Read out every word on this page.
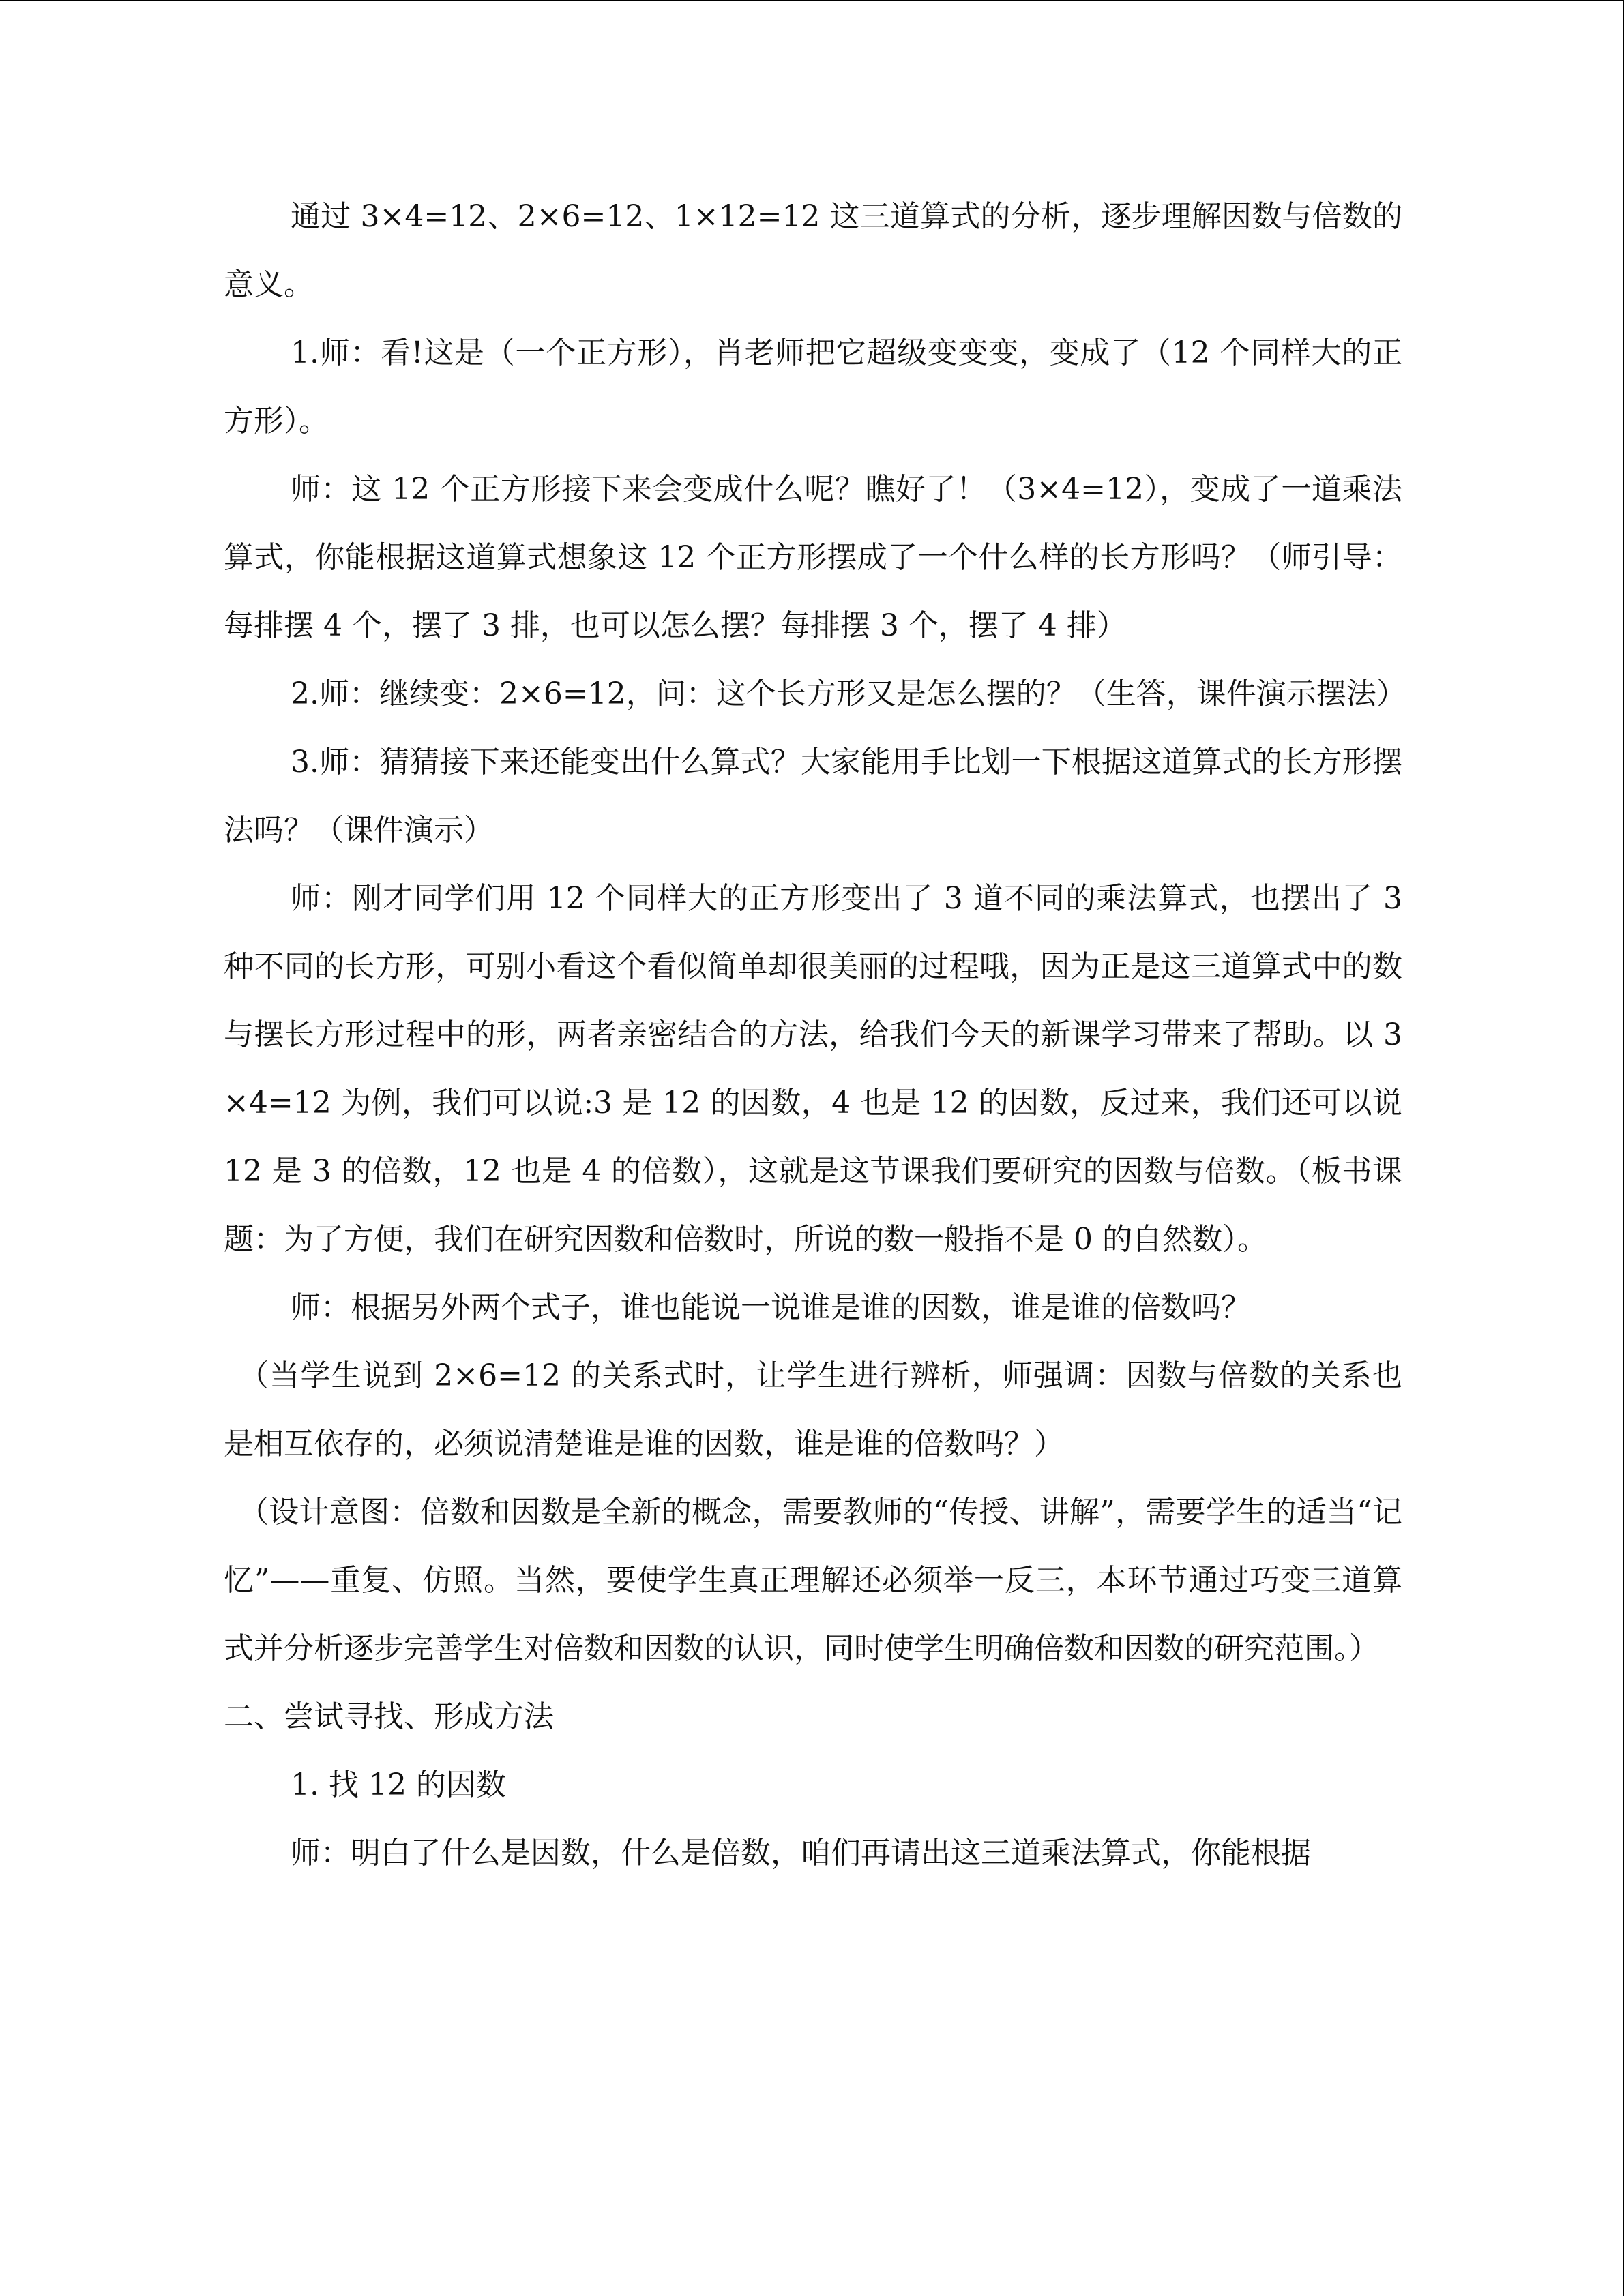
通过 3×4=12、2×6=12、1×12=12 这三道算式的分析，逐步理解因数与倍数的意义。

1.师：看!这是（一个正方形），肖老师把它超级变变变，变成了（12 个同样大的正方形）。

师：这 12 个正方形接下来会变成什么呢？瞧好了！（3×4=12），变成了一道乘法算式，你能根据这道算式想象这 12 个正方形摆成了一个什么样的长方形吗？（师引导：每排摆 4 个，摆了 3 排，也可以怎么摆？每排摆 3 个，摆了 4 排）

2.师：继续变：2×6=12，问：这个长方形又是怎么摆的？（生答，课件演示摆法）

3.师：猜猜接下来还能变出什么算式？大家能用手比划一下根据这道算式的长方形摆法吗？（课件演示）

师：刚才同学们用 12 个同样大的正方形变出了 3 道不同的乘法算式，也摆出了 3 种不同的长方形，可别小看这个看似简单却很美丽的过程哦，因为正是这三道算式中的数与摆长方形过程中的形，两者亲密结合的方法，给我们今天的新课学习带来了帮助。以 3×4=12 为例，我们可以说:3 是 12 的因数，4 也是 12 的因数，反过来，我们还可以说 12 是 3 的倍数，12 也是 4 的倍数），这就是这节课我们要研究的因数与倍数。（板书课题：为了方便，我们在研究因数和倍数时，所说的数一般指不是 0 的自然数）。

师：根据另外两个式子，谁也能说一说谁是谁的因数，谁是谁的倍数吗？

（当学生说到 2×6=12 的关系式时，让学生进行辨析，师强调：因数与倍数的关系也是相互依存的，必须说清楚谁是谁的因数，谁是谁的倍数吗？）

（设计意图：倍数和因数是全新的概念，需要教师的“传授、讲解”，需要学生的适当“记忆”——重复、仿照。当然，要使学生真正理解还必须举一反三，本环节通过巧变三道算式并分析逐步完善学生对倍数和因数的认识，同时使学生明确倍数和因数的研究范围。）

二、尝试寻找、形成方法

1. 找 12 的因数

师：明白了什么是因数，什么是倍数，咱们再请出这三道乘法算式，你能根据
